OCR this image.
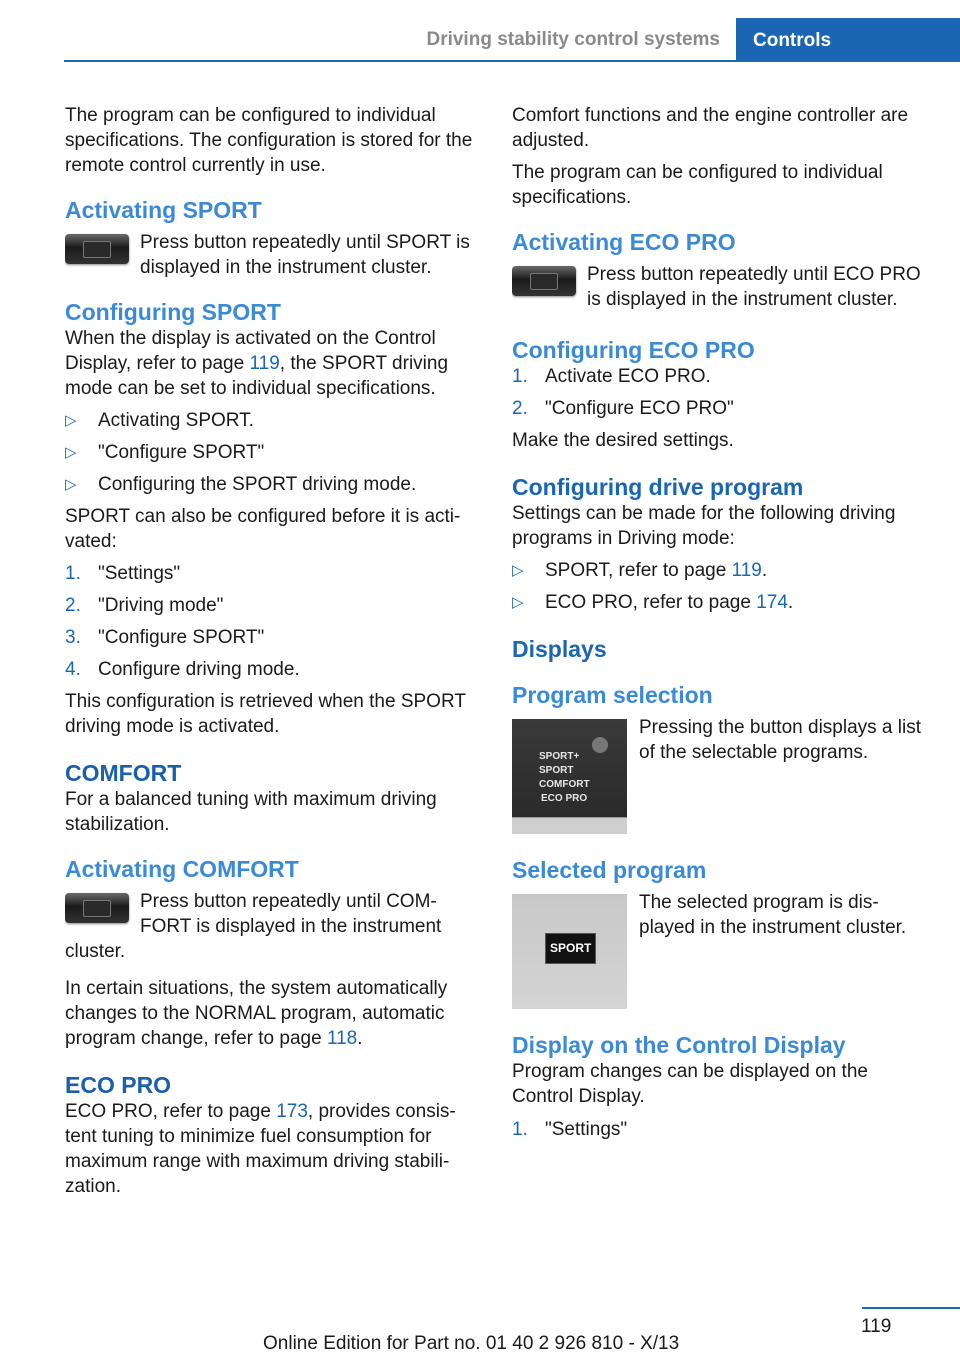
Driving stability control systems	Controls

The program can be configured to individual specifications. The configuration is stored for the remote control currently in use.

Activating SPORT
Press button repeatedly until SPORT is displayed in the instrument cluster.
Configuring SPORT

When the display is activated on the Control Display, refer to page 119, the SPORT driving mode can be set to individual specifications.

▷ Activating SPORT.
▷ "Configure SPORT"
▷ Configuring the SPORT driving mode.

SPORT can also be configured before it is acti‐ vated:

1. "Settings"
2. "Driving mode"
3. "Configure SPORT"
4. Configure driving mode.

This configuration is retrieved when the SPORT driving mode is activated.

COMFORT

For a balanced tuning with maximum driving stabilization.

Activating COMFORT
Press button repeatedly until COM‐ FORT is displayed in the instrument cluster.

In certain situations, the system automatically changes to the NORMAL program, automatic program change, refer to page 118.

ECO PRO

ECO PRO, refer to page 173, provides consis‐ tent tuning to minimize fuel consumption for maximum range with maximum driving stabili‐ zation.

Comfort functions and the engine controller are adjusted.

The program can be configured to individual specifications.

Activating ECO PRO
Press button repeatedly until ECO PRO is displayed in the instrument cluster.
Configuring ECO PRO
1. Activate ECO PRO.
2. "Configure ECO PRO"

Make the desired settings.

Configuring drive program

Settings can be made for the following driving programs in Driving mode:

▷ SPORT, refer to page 119.
▷ ECO PRO, refer to page 174.
Displays
Program selection
SPORT+
SPORT
COMFORT
ECO PRO
Pressing the button displays a list of the selectable programs.
Selected program
SPORT
The selected program is dis‐ played in the instrument cluster.
Display on the Control Display

Program changes can be displayed on the Control Display.

1. "Settings"
119
Online Edition for Part no. 01 40 2 926 810 - X/13
